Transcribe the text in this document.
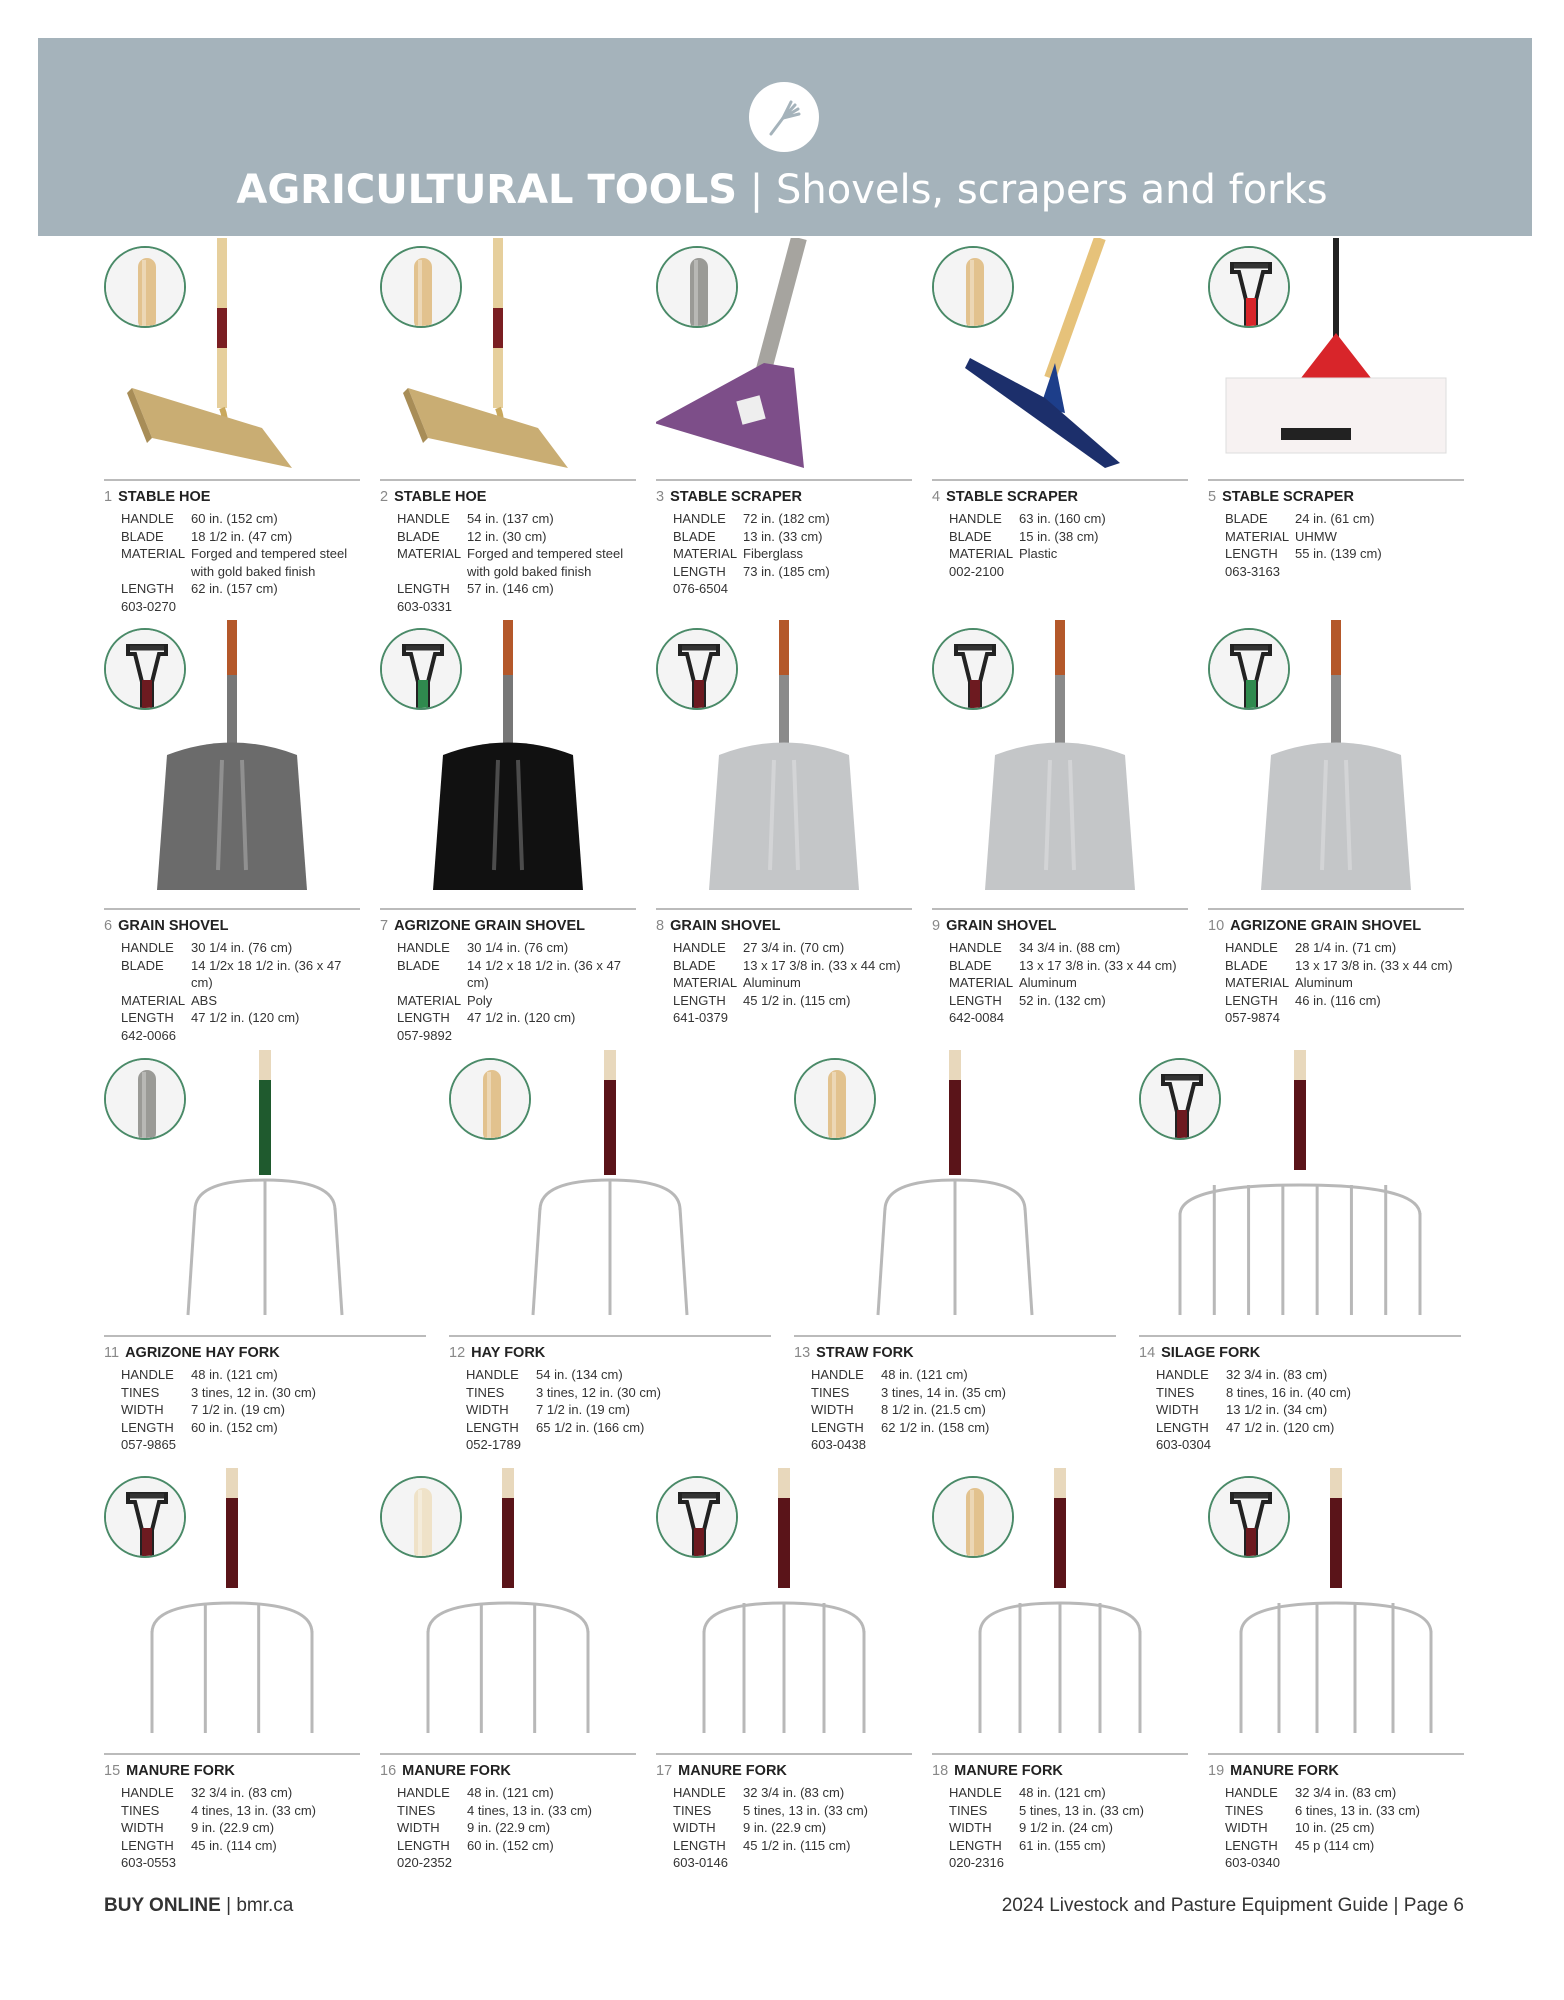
AGRICULTURAL TOOLS | Shovels, scrapers and forks
1 STABLE HOE
HANDLE	60 in. (152 cm)
BLADE	18 1/2 in. (47 cm)
MATERIAL Forged and tempered steel with gold baked finish
LENGTH	62 in. (157 cm)
603-0270
2 STABLE HOE
HANDLE	54 in. (137 cm)
BLADE	12 in. (30 cm)
MATERIAL Forged and tempered steel with gold baked finish
LENGTH	57 in. (146 cm)
603-0331
3 STABLE SCRAPER
HANDLE	72 in. (182 cm)
BLADE	13 in. (33 cm)
MATERIAL Fiberglass
LENGTH	73 in. (185 cm)
076-6504
4 STABLE SCRAPER
HANDLE	63 in. (160 cm)
BLADE	15 in. (38 cm)
MATERIAL Plastic
002-2100
5 STABLE SCRAPER
BLADE	24 in. (61 cm)
MATERIAL UHMW
LENGTH	55 in. (139 cm)
063-3163
6 GRAIN SHOVEL
HANDLE	30 1/4 in. (76 cm)
BLADE	14 1/2x 18 1/2 in. (36 x 47 cm)
MATERIAL ABS
LENGTH	47 1/2 in. (120 cm)
642-0066
7 AGRIZONE GRAIN SHOVEL
HANDLE	30 1/4 in. (76 cm)
BLADE	14 1/2 x 18 1/2 in. (36 x 47 cm)
MATERIAL Poly
LENGTH	47 1/2 in. (120 cm)
057-9892
8 GRAIN SHOVEL
HANDLE	27 3/4 in. (70 cm)
BLADE	13 x 17 3/8 in. (33 x 44 cm)
MATERIAL Aluminum
LENGTH	45 1/2 in. (115 cm)
641-0379
9 GRAIN SHOVEL
HANDLE	34 3/4 in. (88 cm)
BLADE	13 x 17 3/8 in. (33 x 44 cm)
MATERIAL Aluminum
LENGTH	52 in. (132 cm)
642-0084
10 AGRIZONE GRAIN SHOVEL
HANDLE	28 1/4 in. (71 cm)
BLADE	13 x 17 3/8 in. (33 x 44 cm)
MATERIAL Aluminum
LENGTH	46 in. (116 cm)
057-9874
11 AGRIZONE HAY FORK
HANDLE	48 in. (121 cm)
TINES	3 tines, 12 in. (30 cm)
WIDTH	7 1/2 in. (19 cm)
LENGTH	60 in. (152 cm)
057-9865
12 HAY FORK
HANDLE	54 in. (134 cm)
TINES	3 tines, 12 in. (30 cm)
WIDTH	7 1/2 in. (19 cm)
LENGTH	65 1/2 in. (166 cm)
052-1789
13 STRAW FORK
HANDLE	48 in. (121 cm)
TINES	3 tines, 14 in. (35 cm)
WIDTH	8 1/2 in. (21.5 cm)
LENGTH	62 1/2 in. (158 cm)
603-0438
14 SILAGE FORK
HANDLE	32 3/4 in. (83 cm)
TINES	8 tines, 16 in. (40 cm)
WIDTH	13 1/2 in. (34 cm)
LENGTH	47 1/2 in. (120 cm)
603-0304
15 MANURE FORK
HANDLE	32 3/4 in. (83 cm)
TINES	4 tines, 13 in. (33 cm)
WIDTH	9 in. (22.9 cm)
LENGTH	45 in. (114 cm)
603-0553
16 MANURE FORK
HANDLE	48 in. (121 cm)
TINES	4 tines, 13 in. (33 cm)
WIDTH	9 in. (22.9 cm)
LENGTH	60 in. (152 cm)
020-2352
17 MANURE FORK
HANDLE	32 3/4 in. (83 cm)
TINES	5 tines, 13 in. (33 cm)
WIDTH	9 in. (22.9 cm)
LENGTH	45 1/2 in. (115 cm)
603-0146
18 MANURE FORK
HANDLE	48 in. (121 cm)
TINES	5 tines, 13 in. (33 cm)
WIDTH	9 1/2 in. (24 cm)
LENGTH	61 in. (155 cm)
020-2316
19 MANURE FORK
HANDLE	32 3/4 in. (83 cm)
TINES	6 tines, 13 in. (33 cm)
WIDTH	10 in. (25 cm)
LENGTH	45 p (114 cm)
603-0340
BUY ONLINE | bmr.ca	2024 Livestock and Pasture Equipment Guide | Page 6
